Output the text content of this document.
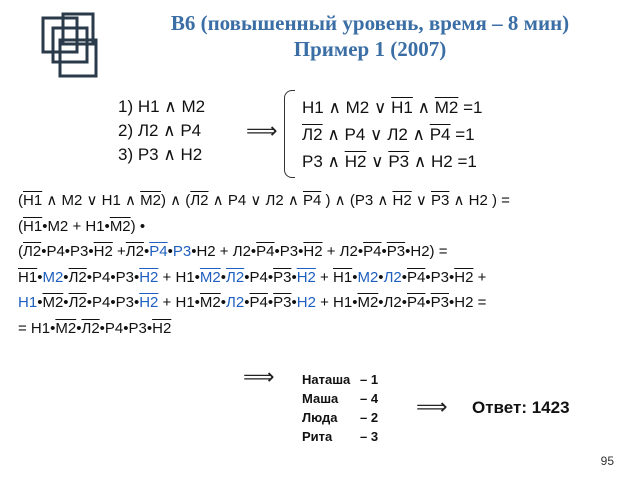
В6 (повышенный уровень, время – 8 мин)
Пример 1 (2007)
1) Н1 ∧ М2
2) Л2 ∧ Р4
3) Р3 ∧ Н2
⟹
Н1 ∧ М2 ∨ Н1 ∧ М2 =1
Л2 ∧ Р4 ∨ Л2 ∧ Р4 =1
Р3 ∧ Н2 ∨ Р3 ∧ Н2 =1
(Н1 ∧ М2 ∨ Н1 ∧ М2) ∧ (Л2 ∧ Р4 ∨ Л2 ∧ Р4 ) ∧ (Р3 ∧ Н2 ∨ Р3 ∧ Н2 ) =
(Н1•М2 + Н1•М2) •
(Л2•Р4•Р3•Н2 +Л2•Р4•Р3•Н2 + Л2•Р4•Р3•Н2 + Л2•Р4•Р3•Н2) =
Н1•М2•Л2•Р4•Р3•Н2 + Н1•М2•Л2•Р4•Р3•Н2 + Н1•М2•Л2•Р4•Р3•Н2 +
Н1•М2•Л2•Р4•Р3•Н2 + Н1•М2•Л2•Р4•Р3•Н2 + Н1•М2•Л2•Р4•Р3•Н2 =
= Н1•М2•Л2•Р4•Р3•Н2
⟹ Наташа – 1
Маша	– 4
Люда	– 2
Рита	– 3
⟹ Ответ: 1423
95
